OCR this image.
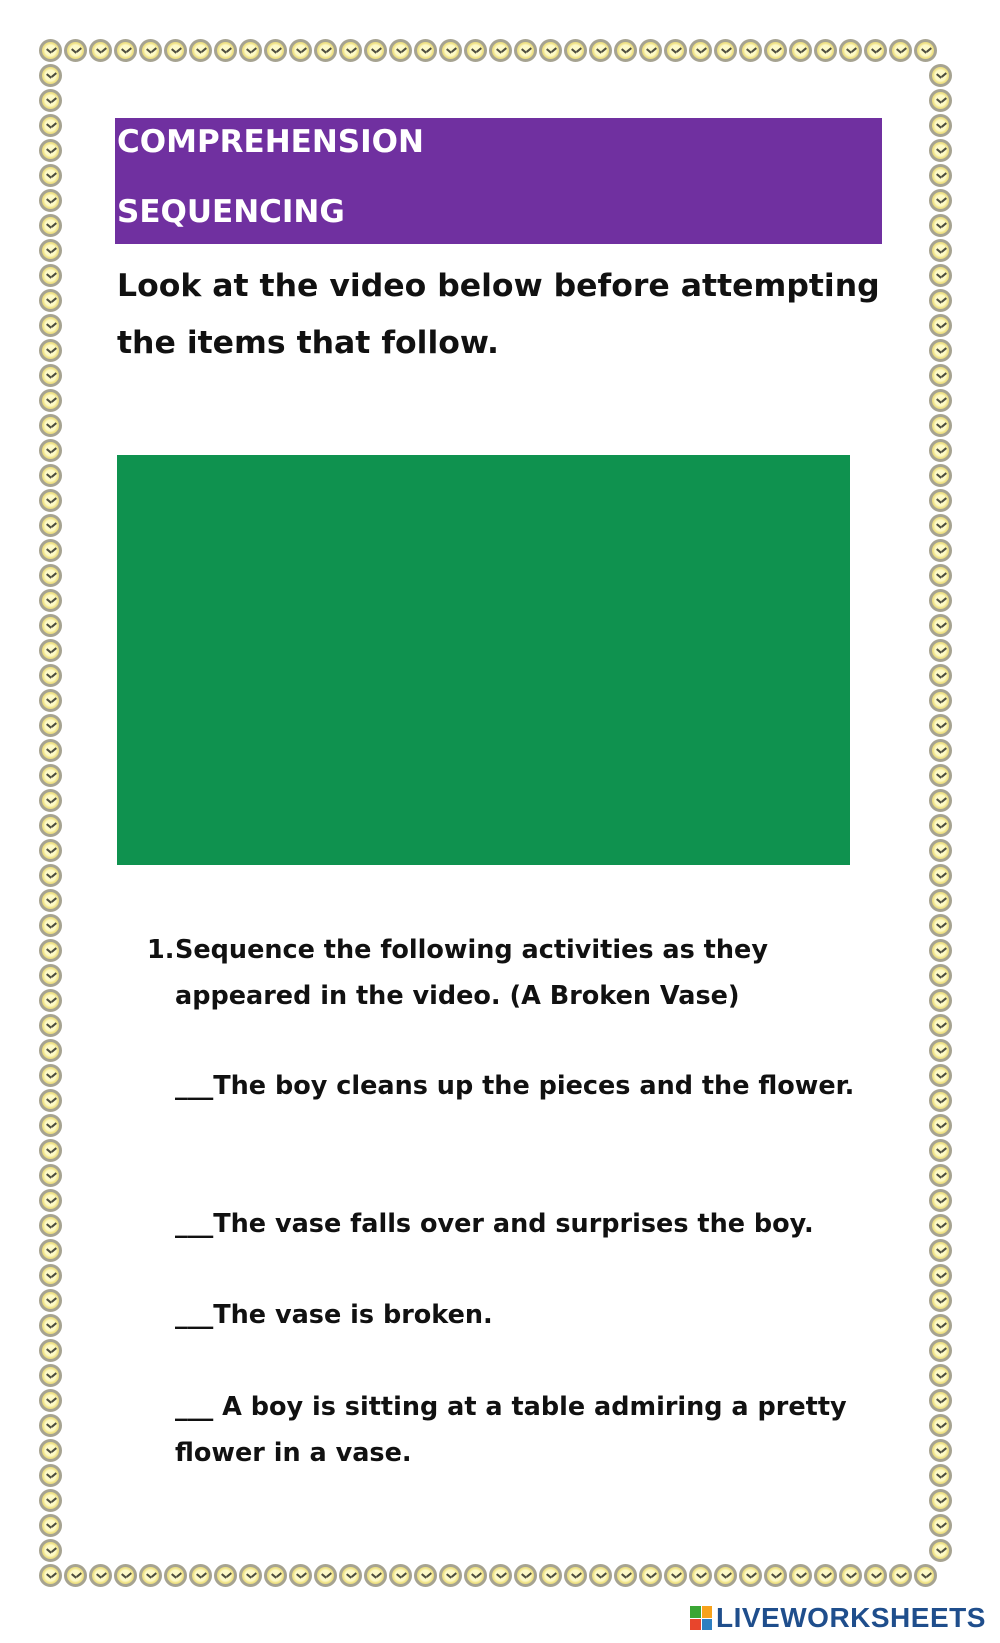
COMPREHENSION
SEQUENCING

Look at the video below before attempting the items that follow.

1. Sequence the following activities as they appeared in the video. (A Broken Vase)

___The boy cleans up the pieces and the flower.

___The vase falls over and surprises the boy.

___The vase is broken.

___ A boy is sitting at a table admiring a pretty flower in a vase.

LIVEWORKSHEETS
